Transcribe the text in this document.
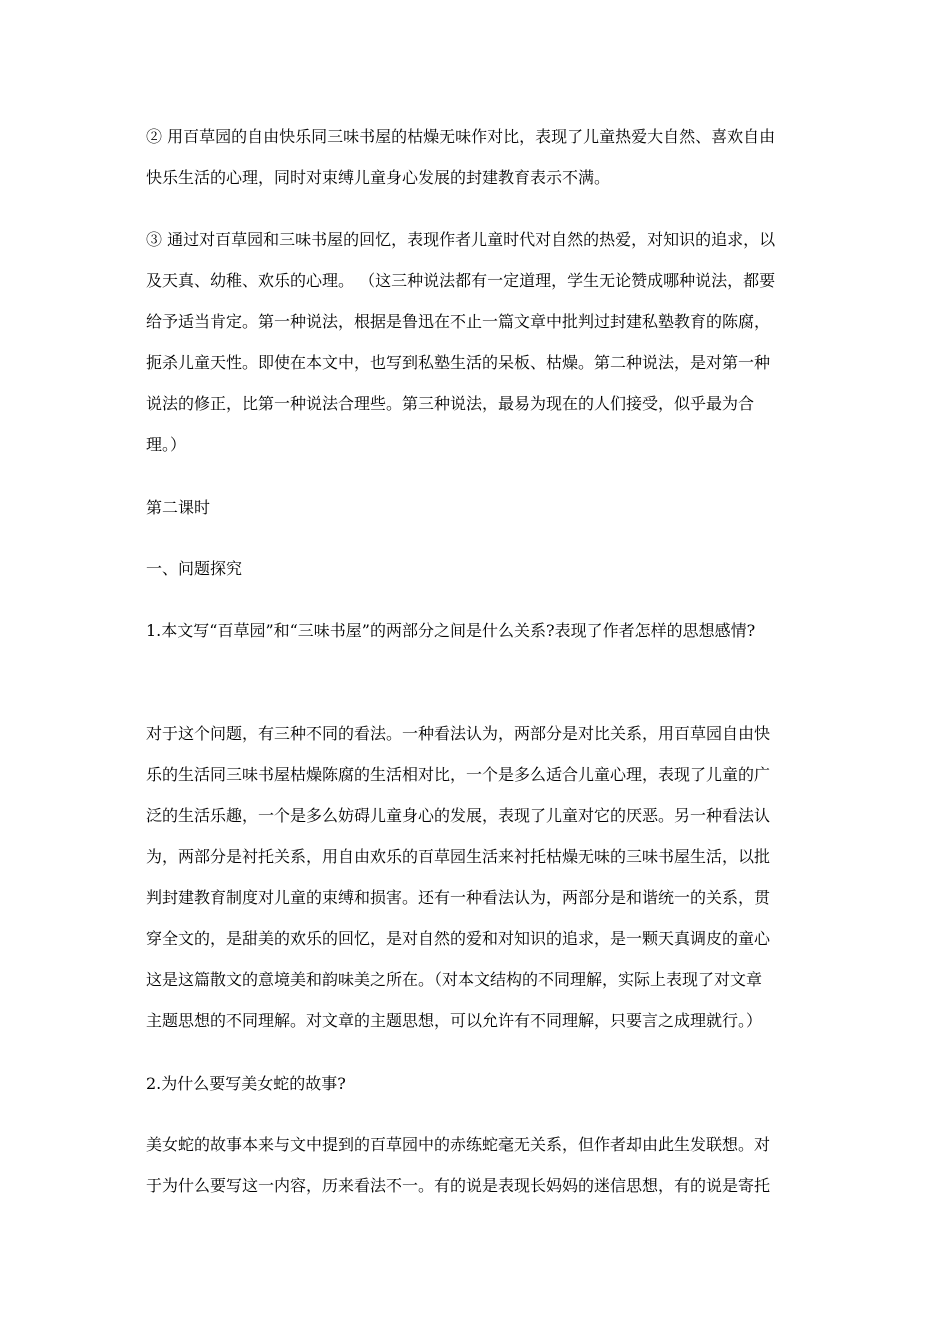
② 用百草园的自由快乐同三味书屋的枯燥无味作对比，表现了儿童热爱大自然、喜欢自由
快乐生活的心理，同时对束缚儿童身心发展的封建教育表示不满。
③ 通过对百草园和三味书屋的回忆，表现作者儿童时代对自然的热爱，对知识的追求，以
及天真、幼稚、欢乐的心理。 （这三种说法都有一定道理，学生无论赞成哪种说法，都要
给予适当肯定。第一种说法，根据是鲁迅在不止一篇文章中批判过封建私塾教育的陈腐，
扼杀儿童天性。即使在本文中，也写到私塾生活的呆板、枯燥。第二种说法，是对第一种
说法的修正，比第一种说法合理些。第三种说法，最易为现在的人们接受，似乎最为合
理。）
第二课时
一、问题探究
1.本文写“百草园”和“三味书屋”的两部分之间是什么关系?表现了作者怎样的思想感情?
对于这个问题，有三种不同的看法。一种看法认为，两部分是对比关系，用百草园自由快
乐的生活同三味书屋枯燥陈腐的生活相对比，一个是多么适合儿童心理，表现了儿童的广
泛的生活乐趣，一个是多么妨碍儿童身心的发展，表现了儿童对它的厌恶。另一种看法认
为，两部分是衬托关系，用自由欢乐的百草园生活来衬托枯燥无味的三味书屋生活，以批
判封建教育制度对儿童的束缚和损害。还有一种看法认为，两部分是和谐统一的关系，贯
穿全文的，是甜美的欢乐的回忆，是对自然的爱和对知识的追求，是一颗天真调皮的童心
这是这篇散文的意境美和韵味美之所在。（对本文结构的不同理解，实际上表现了对文章
主题思想的不同理解。对文章的主题思想，可以允许有不同理解，只要言之成理就行。）
2.为什么要写美女蛇的故事?
美女蛇的故事本来与文中提到的百草园中的赤练蛇毫无关系，但作者却由此生发联想。对
于为什么要写这一内容，历来看法不一。有的说是表现长妈妈的迷信思想，有的说是寄托
